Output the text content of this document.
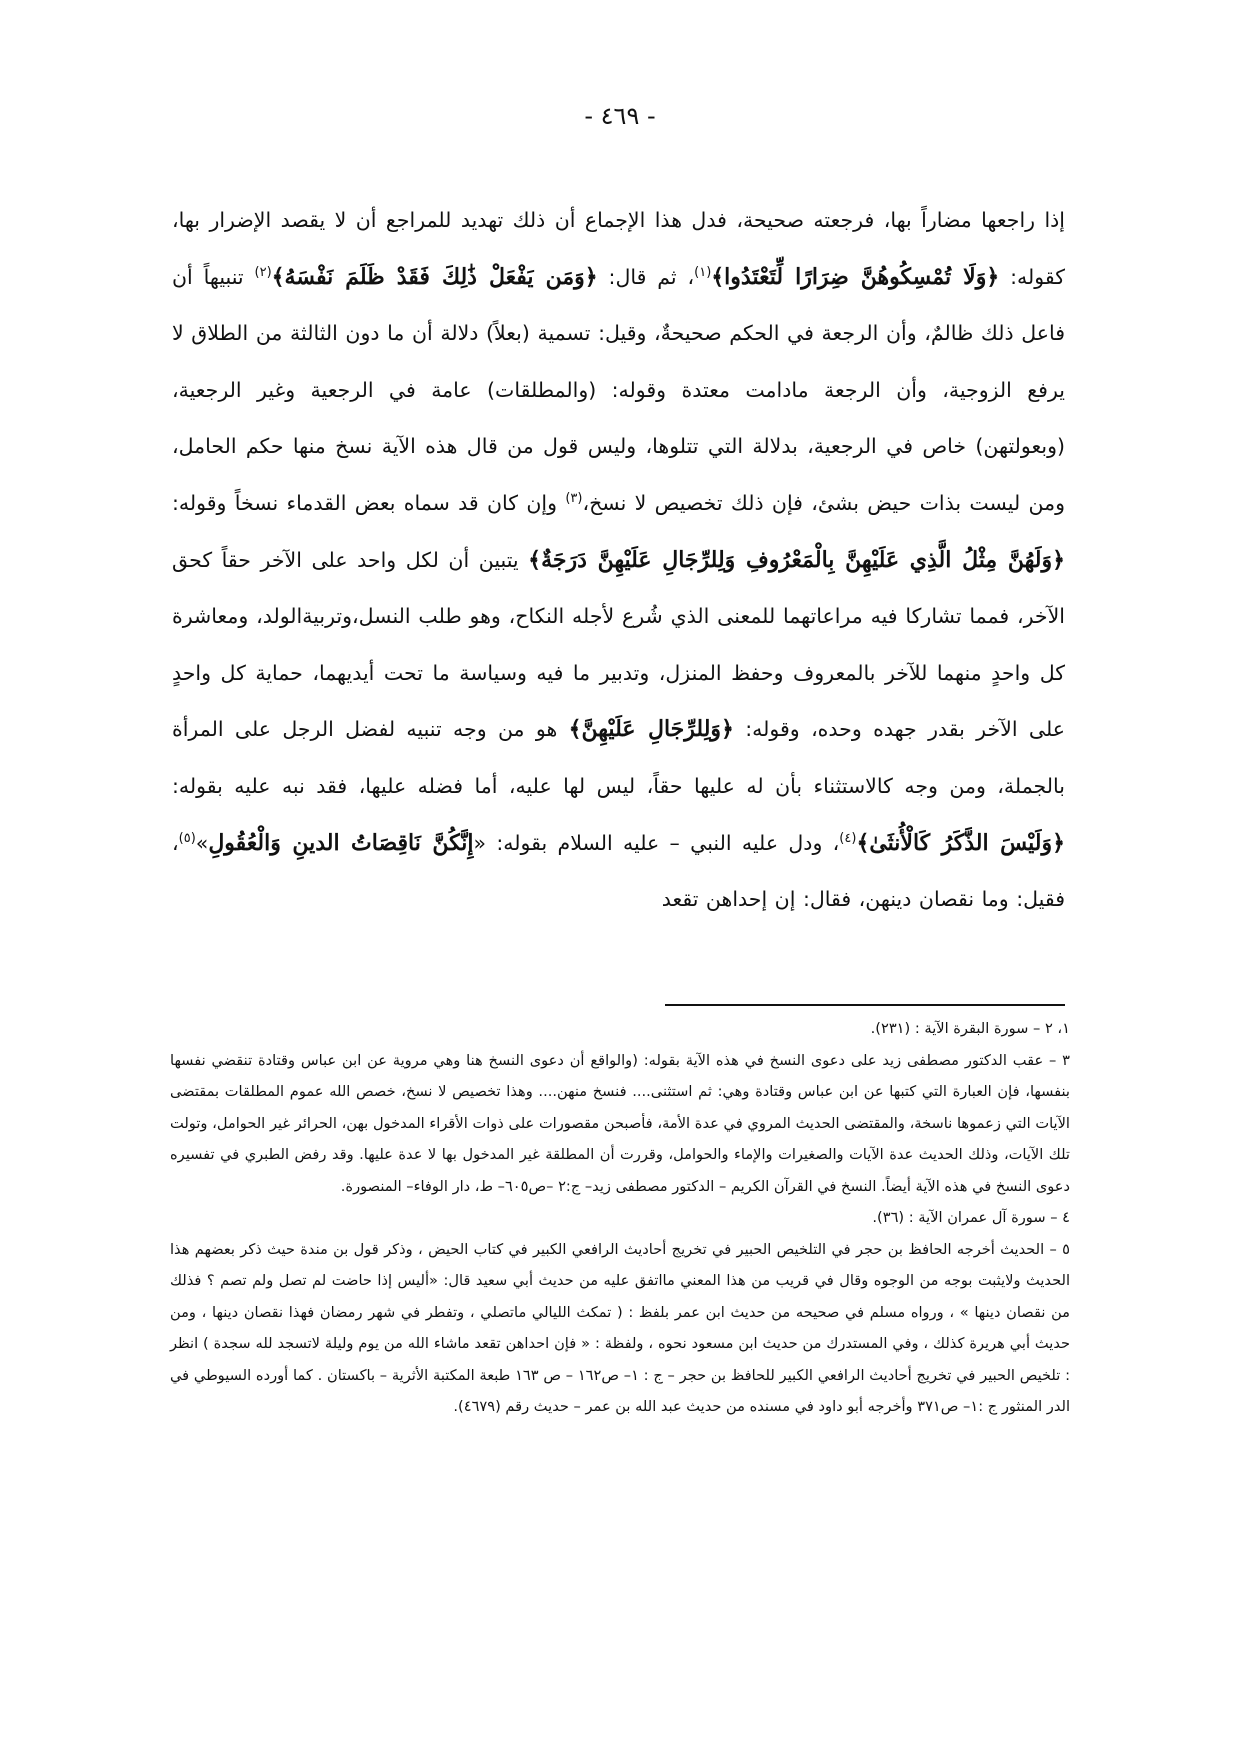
- ٤٦٩ -

إذا راجعها مضاراً بها، فرجعته صحيحة، فدل هذا الإجماع أن ذلك تهديد للمراجع أن لا يقصد الإضرار بها، كقوله: ﴿وَلَا تُمْسِكُوهُنَّ ضِرَارًا لِّتَعْتَدُوا﴾$^{(١)}$، ثم قال: ﴿وَمَن يَفْعَلْ ذَٰلِكَ فَقَدْ ظَلَمَ نَفْسَهُ﴾$^{(٢)}$ تنبيهاً أن فاعل ذلك ظالمٌ، وأن الرجعة في الحكم صحيحةٌ، وقيل: تسمية (بعلاً) دلالة أن ما دون الثالثة من الطلاق لا يرفع الزوجية، وأن الرجعة مادامت معتدة وقوله: (والمطلقات) عامة في الرجعية وغير الرجعية، (وبعولتهن) خاص في الرجعية، بدلالة التي تتلوها، وليس قول من قال هذه الآية نسخ منها حكم الحامل، ومن ليست بذات حيض بشئ، فإن ذلك تخصيص لا نسخ،$^{(٣)}$ وإن كان قد سماه بعض القدماء نسخاً وقوله: ﴿وَلَهُنَّ مِثْلُ الَّذِي عَلَيْهِنَّ بِالْمَعْرُوفِ وَلِلرِّجَالِ عَلَيْهِنَّ دَرَجَةٌ﴾ يتبين أن لكل واحد على الآخر حقاً كحق الآخر، فمما تشاركا فيه مراعاتهما للمعنى الذي شُرع لأجله النكاح، وهو طلب النسل،وتربيةالولد، ومعاشرة كل واحدٍ منهما للآخر بالمعروف وحفظ المنزل، وتدبير ما فيه وسياسة ما تحت أيديهما، حماية كل واحدٍ على الآخر بقدر جهده وحده، وقوله: ﴿وَلِلرِّجَالِ عَلَيْهِنَّ﴾ هو من وجه تنبيه لفضل الرجل على المرأة بالجملة، ومن وجه كالاستثناء بأن له عليها حقاً، ليس لها عليه، أما فضله عليها، فقد نبه عليه بقوله: ﴿وَلَيْسَ الذَّكَرُ كَالْأُنثَىٰ﴾$^{(٤)}$، ودل عليه النبي – عليه السلام بقوله: «إِنَّكُنَّ نَاقِصَاتُ الدينِ وَالْعُقُولِ»$^{(٥)}$، فقيل: وما نقصان دينهن، فقال: إن إحداهن تقعد

١، ٢ – سورة البقرة الآية : (٢٣١).

٣ – عقب الدكتور مصطفى زيد على دعوى النسخ في هذه الآية بقوله: (والواقع أن دعوى النسخ هنا وهي مروية عن ابن عباس وقتادة تنقضي نفسها بنفسها، فإن العبارة التي كتبها عن ابن عباس وقتادة وهي: ثم استثنى.... فنسخ منهن.... وهذا تخصيص لا نسخ، خصص الله عموم المطلقات بمقتضى الآيات التي زعموها ناسخة، والمقتضى الحديث المروي في عدة الأمة، فأصبحن مقصورات على ذوات الأقراء المدخول بهن، الحرائر غير الحوامل، وتولت تلك الآيات، وذلك الحديث عدة الآيات والصغيرات والإماء والحوامل، وقررت أن المطلقة غير المدخول بها لا عدة عليها. وقد رفض الطبري في تفسيره دعوى النسخ في هذه الآية أيضاً. النسخ في القرآن الكريم – الدكتور مصطفى زيد– ج:٢ –ص٦٠٥– ط، دار الوفاء– المنصورة.

٤ – سورة آل عمران الآية : (٣٦).

٥ – الحديث أخرجه الحافظ بن حجر في التلخيص الحبير في تخريج أحاديث الرافعي الكبير في كتاب الحيض ، وذكر قول بن مندة حيث ذكر بعضهم هذا الحديث ولايثبت بوجه من الوجوه وقال في قريب من هذا المعني مااتفق عليه من حديث أبي سعيد قال: «أليس إذا حاضت لم تصل ولم تصم ؟ فذلك من نقصان دينها » ، ورواه مسلم في صحيحه من حديث ابن عمر بلفظ : ( تمكث الليالي ماتصلي ، وتفطر في شهر رمضان فهذا نقصان دينها ، ومن حديث أبي هريرة كذلك ، وفي المستدرك من حديث ابن مسعود نحوه ، ولفظة : « فإن احداهن تقعد ماشاء الله من يوم وليلة لاتسجد لله سجدة ) انظر : تلخيص الحبير في تخريج أحاديث الرافعي الكبير للحافظ بن حجر – ج : ١– ص١٦٢ – ص ١٦٣ طبعة المكتبة الأثرية – باكستان . كما أورده السيوطي في الدر المنثور ج :١– ص٣٧١ وأخرجه أبو داود في مسنده من حديث عبد الله بن عمر – حديث رقم (٤٦٧٩).
